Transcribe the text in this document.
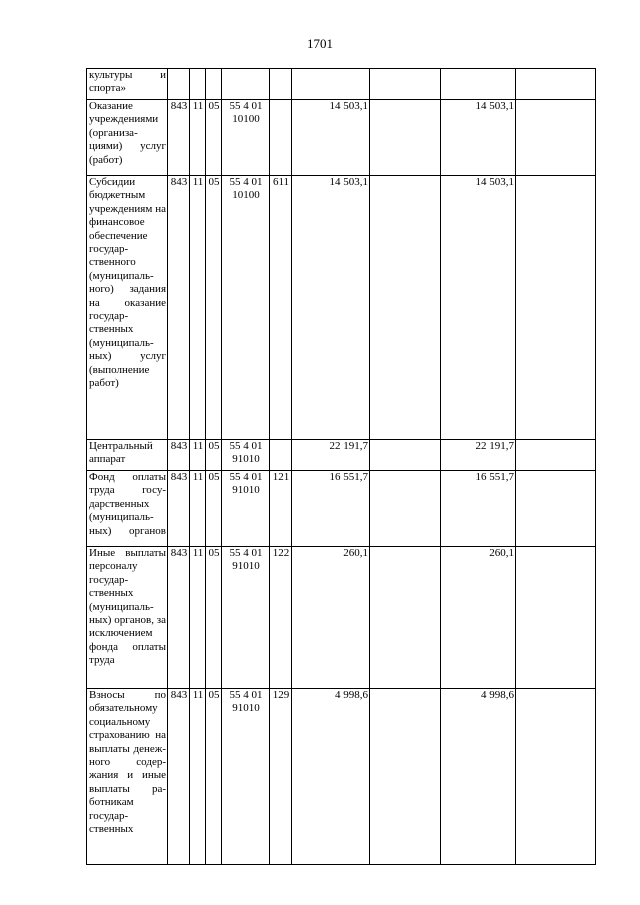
1701
культуры и спорта»									
Оказание учреждениями (организациями) услуг (работ)	843	11	05	55 4 01 10100		14 503,1		14 503,1	
Субсидии бюджетным учреждениям на финансовое обеспечение государственного (муниципального) задания на оказание государственных (муниципальных) услуг (выполнение работ)	843	11	05	55 4 01 10100	611	14 503,1		14 503,1	
Центральный аппарат	843	11	05	55 4 01 91010		22 191,7		22 191,7	
Фонд оплаты труда государственных (муниципальных) органов	843	11	05	55 4 01 91010	121	16 551,7		16 551,7	
Иные выплаты персоналу государственных (муниципальных) органов, за исключением фонда оплаты труда	843	11	05	55 4 01 91010	122	260,1		260,1	
Взносы по обязательному социальному страхованию на выплаты денежного содержания и иные выплаты работникам государственных	843	11	05	55 4 01 91010	129	4 998,6		4 998,6	
